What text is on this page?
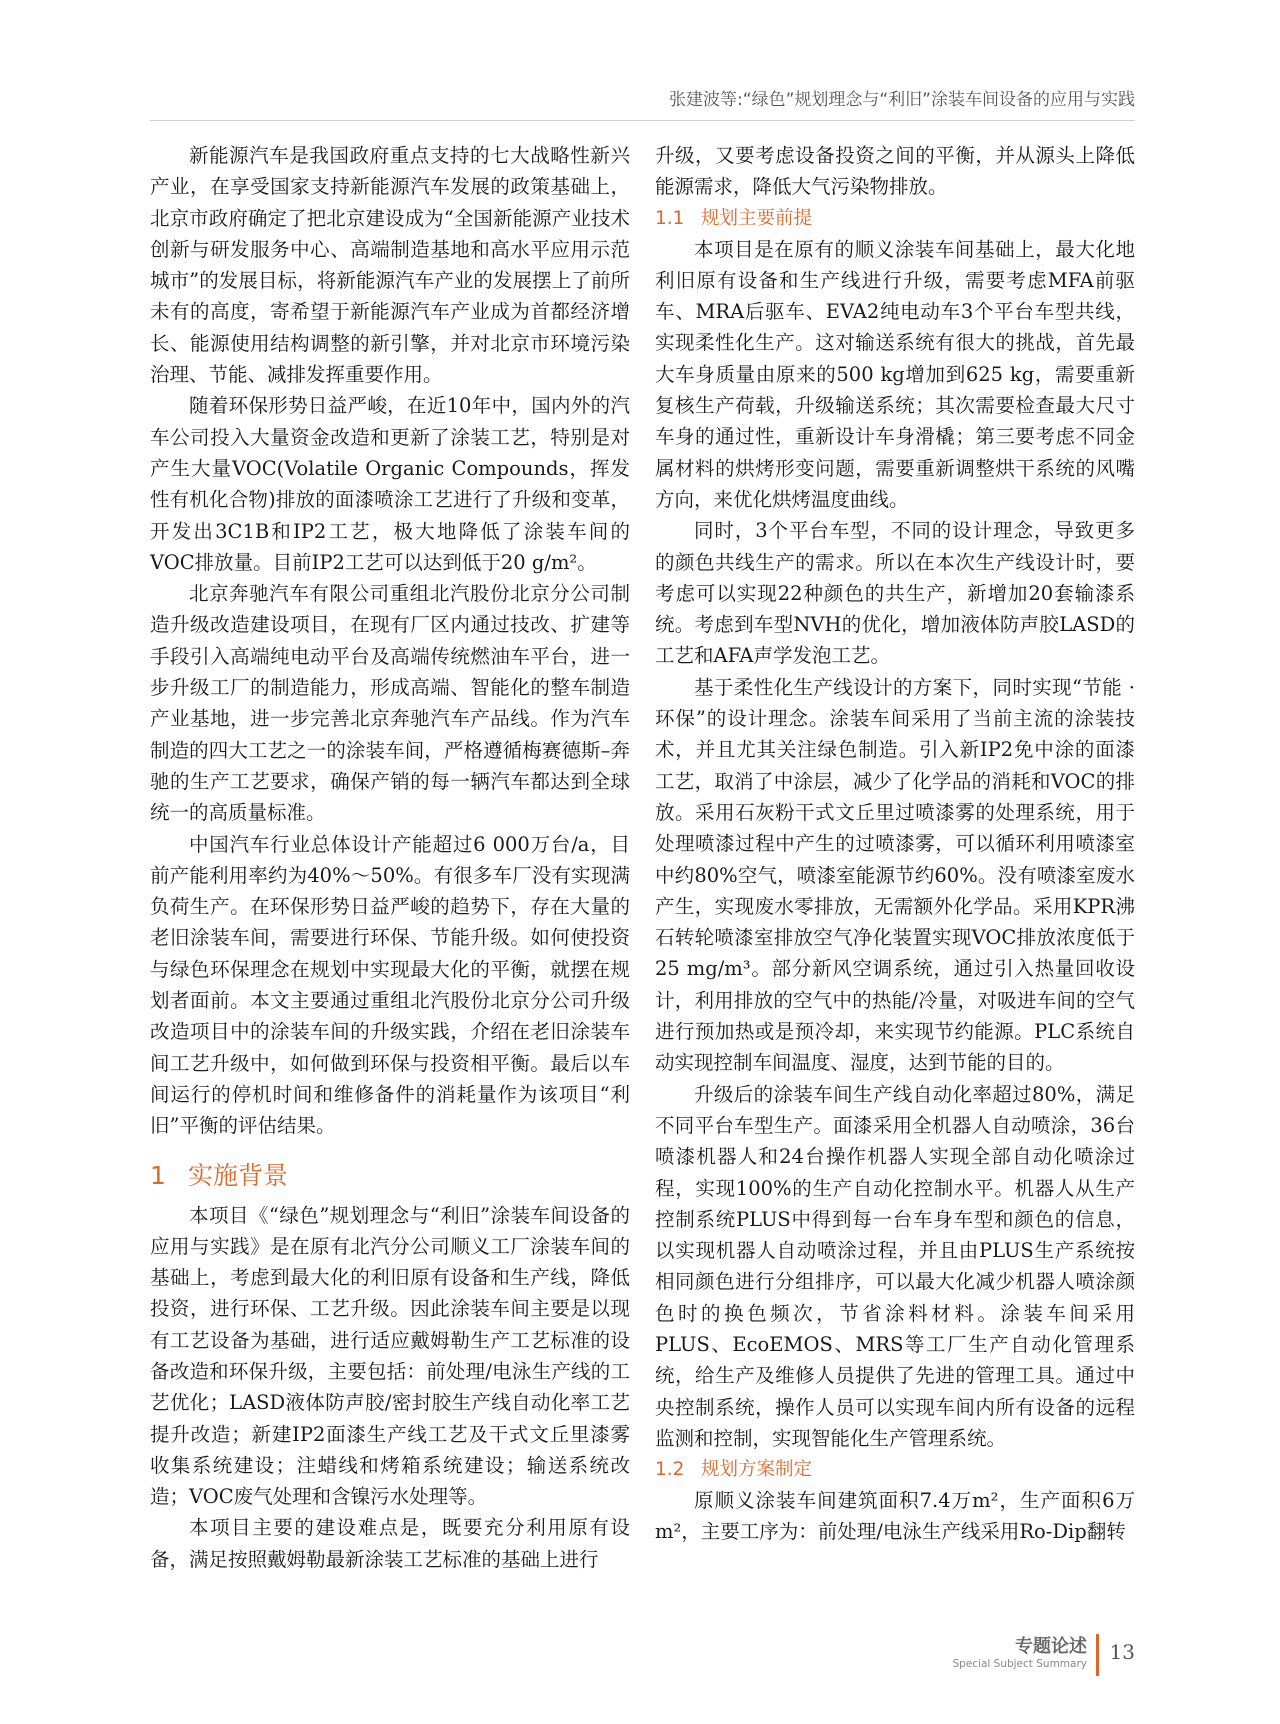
张建波等:“绿色”规划理念与“利旧”涂装车间设备的应用与实践

新能源汽车是我国政府重点支持的七大战略性新兴产业，在享受国家支持新能源汽车发展的政策基础上，北京市政府确定了把北京建设成为“全国新能源产业技术创新与研发服务中心、高端制造基地和高水平应用示范城市”的发展目标，将新能源汽车产业的发展摆上了前所未有的高度，寄希望于新能源汽车产业成为首都经济增长、能源使用结构调整的新引擎，并对北京市环境污染治理、节能、减排发挥重要作用。

随着环保形势日益严峻，在近10年中，国内外的汽车公司投入大量资金改造和更新了涂装工艺，特别是对产生大量VOC(Volatile Organic Compounds，挥发性有机化合物)排放的面漆喷涂工艺进行了升级和变革，开发出3C1B和IP2工艺，极大地降低了涂装车间的VOC排放量。目前IP2工艺可以达到低于20 g/m²。

北京奔驰汽车有限公司重组北汽股份北京分公司制造升级改造建设项目，在现有厂区内通过技改、扩建等手段引入高端纯电动平台及高端传统燃油车平台，进一步升级工厂的制造能力，形成高端、智能化的整车制造产业基地，进一步完善北京奔驰汽车产品线。作为汽车制造的四大工艺之一的涂装车间，严格遵循梅赛德斯–奔驰的生产工艺要求，确保产销的每一辆汽车都达到全球统一的高质量标准。

中国汽车行业总体设计产能超过6 000万台/a，目前产能利用率约为40%～50%。有很多车厂没有实现满负荷生产。在环保形势日益严峻的趋势下，存在大量的老旧涂装车间，需要进行环保、节能升级。如何使投资与绿色环保理念在规划中实现最大化的平衡，就摆在规划者面前。本文主要通过重组北汽股份北京分公司升级改造项目中的涂装车间的升级实践，介绍在老旧涂装车间工艺升级中，如何做到环保与投资相平衡。最后以车间运行的停机时间和维修备件的消耗量作为该项目“利旧”平衡的评估结果。

1 实施背景

本项目《“绿色”规划理念与“利旧”涂装车间设备的应用与实践》是在原有北汽分公司顺义工厂涂装车间的基础上，考虑到最大化的利旧原有设备和生产线，降低投资，进行环保、工艺升级。因此涂装车间主要是以现有工艺设备为基础，进行适应戴姆勒生产工艺标准的设备改造和环保升级，主要包括：前处理/电泳生产线的工艺优化；LASD液体防声胶/密封胶生产线自动化率工艺提升改造；新建IP2面漆生产线工艺及干式文丘里漆雾收集系统建设；注蜡线和烤箱系统建设；输送系统改造；VOC废气处理和含镍污水处理等。

本项目主要的建设难点是，既要充分利用原有设备，满足按照戴姆勒最新涂装工艺标准的基础上进行

升级，又要考虑设备投资之间的平衡，并从源头上降低能源需求，降低大气污染物排放。

1.1 规划主要前提

本项目是在原有的顺义涂装车间基础上，最大化地利旧原有设备和生产线进行升级，需要考虑MFA前驱车、MRA后驱车、EVA2纯电动车3个平台车型共线，实现柔性化生产。这对输送系统有很大的挑战，首先最大车身质量由原来的500 kg增加到625 kg，需要重新复核生产荷载，升级输送系统；其次需要检查最大尺寸车身的通过性，重新设计车身滑橇；第三要考虑不同金属材料的烘烤形变问题，需要重新调整烘干系统的风嘴方向，来优化烘烤温度曲线。

同时，3个平台车型，不同的设计理念，导致更多的颜色共线生产的需求。所以在本次生产线设计时，要考虑可以实现22种颜色的共生产，新增加20套输漆系统。考虑到车型NVH的优化，增加液体防声胶LASD的工艺和AFA声学发泡工艺。

基于柔性化生产线设计的方案下，同时实现“节能 · 环保”的设计理念。涂装车间采用了当前主流的涂装技术，并且尤其关注绿色制造。引入新IP2免中涂的面漆工艺，取消了中涂层，减少了化学品的消耗和VOC的排放。采用石灰粉干式文丘里过喷漆雾的处理系统，用于处理喷漆过程中产生的过喷漆雾，可以循环利用喷漆室中约80%空气，喷漆室能源节约60%。没有喷漆室废水产生，实现废水零排放，无需额外化学品。采用KPR沸石转轮喷漆室排放空气净化装置实现VOC排放浓度低于25 mg/m³。部分新风空调系统，通过引入热量回收设计，利用排放的空气中的热能/冷量，对吸进车间的空气进行预加热或是预冷却，来实现节约能源。PLC系统自动实现控制车间温度、湿度，达到节能的目的。

升级后的涂装车间生产线自动化率超过80%，满足不同平台车型生产。面漆采用全机器人自动喷涂，36台喷漆机器人和24台操作机器人实现全部自动化喷涂过程，实现100%的生产自动化控制水平。机器人从生产控制系统PLUS中得到每一台车身车型和颜色的信息，以实现机器人自动喷涂过程，并且由PLUS生产系统按相同颜色进行分组排序，可以最大化减少机器人喷涂颜色时的换色频次，节省涂料材料。涂装车间采用PLUS、EcoEMOS、MRS等工厂生产自动化管理系统，给生产及维修人员提供了先进的管理工具。通过中央控制系统，操作人员可以实现车间内所有设备的远程监测和控制，实现智能化生产管理系统。

1.2 规划方案制定

原顺义涂装车间建筑面积7.4万m²，生产面积6万m²，主要工序为：前处理/电泳生产线采用Ro-Dip翻转

专题论述
Special Subject Summary 13
